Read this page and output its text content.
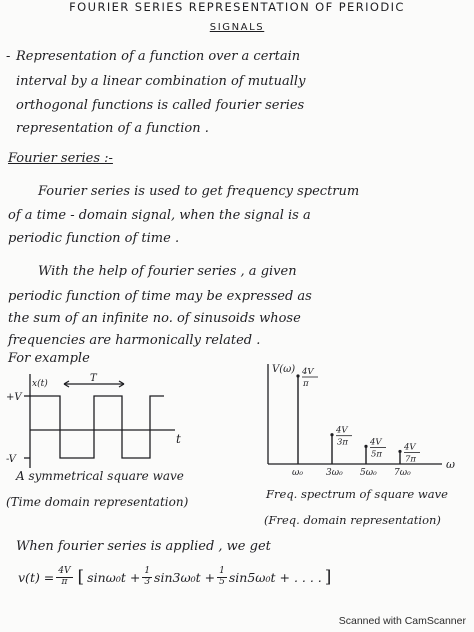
FOURIER SERIES REPRESENTATION OF PERIODIC
SIGNALS
- Representation of a function over a certain
interval by a linear combination of mutually
orthogonal functions is called fourier series
representation of a function .
Fourier series :-
Fourier series is used to get frequency spectrum
of a time - domain signal, when the signal is a
periodic function of time .
With the help of fourier series , a given
periodic function of time may be expressed as
the sum of an infinite no. of sinusoids whose
frequencies are harmonically related .
For example
x(t)	T
+V
-V
t
A symmetrical square wave
(Time domain representation)
4V
π
ω₀
4V
3π
3ω₀
4V
5π
5ω₀
4V
7π
7ω₀
V(ω)
ω
Freq. spectrum of square wave
(Freq. domain representation)
When fourier series is applied , we get
$v(t) = \frac{4V}{\pi}$ [ $\sin\omega_0t + \frac{1}{3} \sin 3\omega_0t + \frac{1}{5} \sin 5\omega_0t$ + . . . . ]
Scanned with CamScanner
